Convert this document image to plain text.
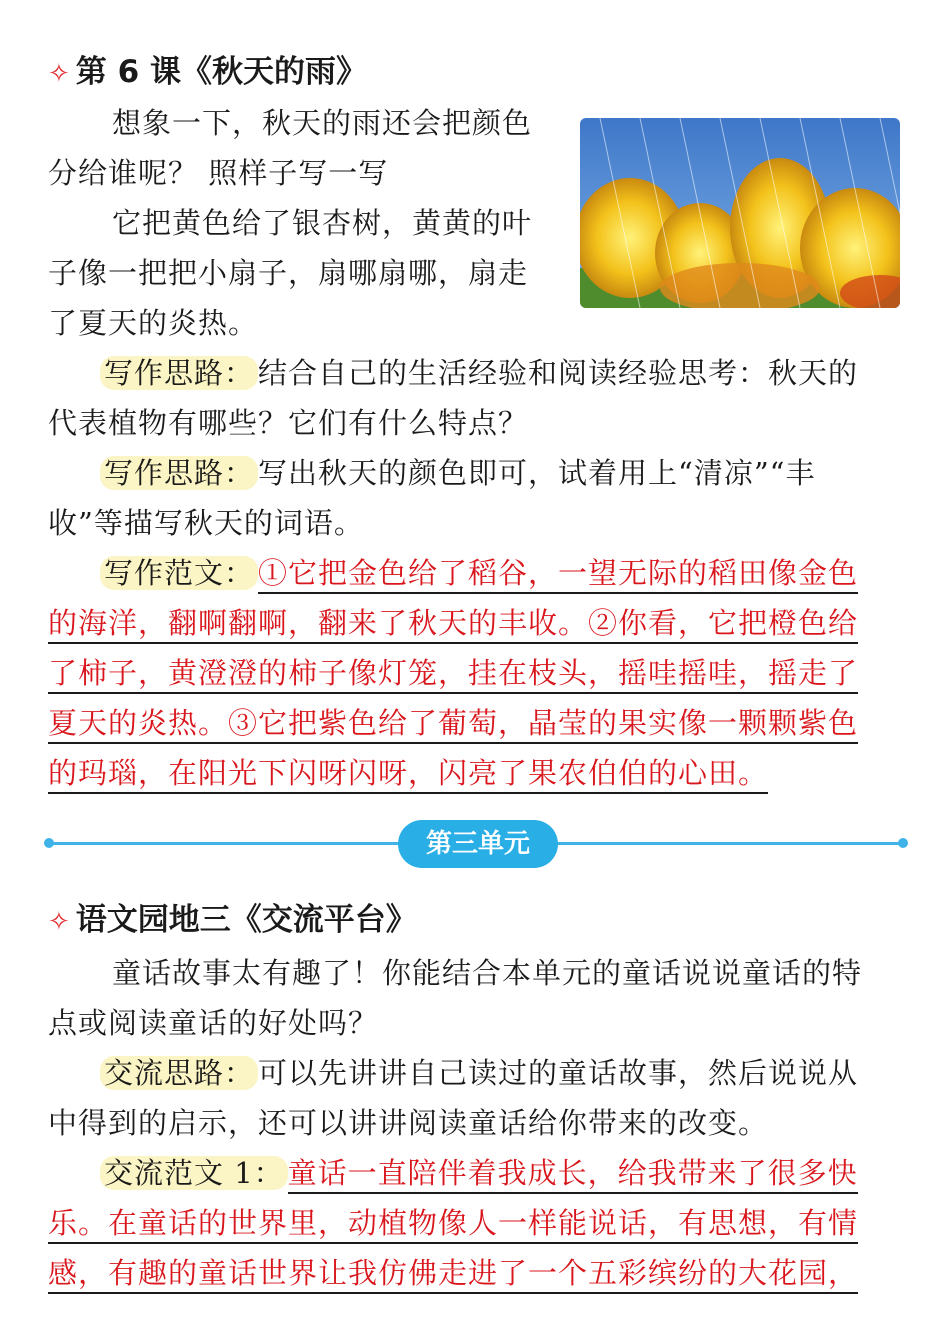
✧ 第 6 课《秋天的雨》
想象一下，秋天的雨还会把颜色
分给谁呢？ 照样子写一写
它把黄色给了银杏树，黄黄的叶
子像一把把小扇子，扇哪扇哪，扇走
了夏天的炎热。
写作思路： 结合自己的生活经验和阅读经验思考：秋天的
代表植物有哪些？它们有什么特点？
写作思路： 写出秋天的颜色即可，试着用上“清凉”“丰
收”等描写秋天的词语。
写作范文： ①它把金色给了稻谷，一望无际的稻田像金色
的海洋，翻啊翻啊，翻来了秋天的丰收。②你看，它把橙色给
了柿子，黄澄澄的柿子像灯笼，挂在枝头，摇哇摇哇，摇走了
夏天的炎热。③它把紫色给了葡萄，晶莹的果实像一颗颗紫色
的玛瑙，在阳光下闪呀闪呀，闪亮了果农伯伯的心田。
第三单元
✧ 语文园地三《交流平台》
童话故事太有趣了！你能结合本单元的童话说说童话的特
点或阅读童话的好处吗？
交流思路： 可以先讲讲自己读过的童话故事，然后说说从
中得到的启示，还可以讲讲阅读童话给你带来的改变。
交流范文 1： 童话一直陪伴着我成长，给我带来了很多快
乐。在童话的世界里，动植物像人一样能说话，有思想，有情
感，有趣的童话世界让我仿佛走进了一个五彩缤纷的大花园，
